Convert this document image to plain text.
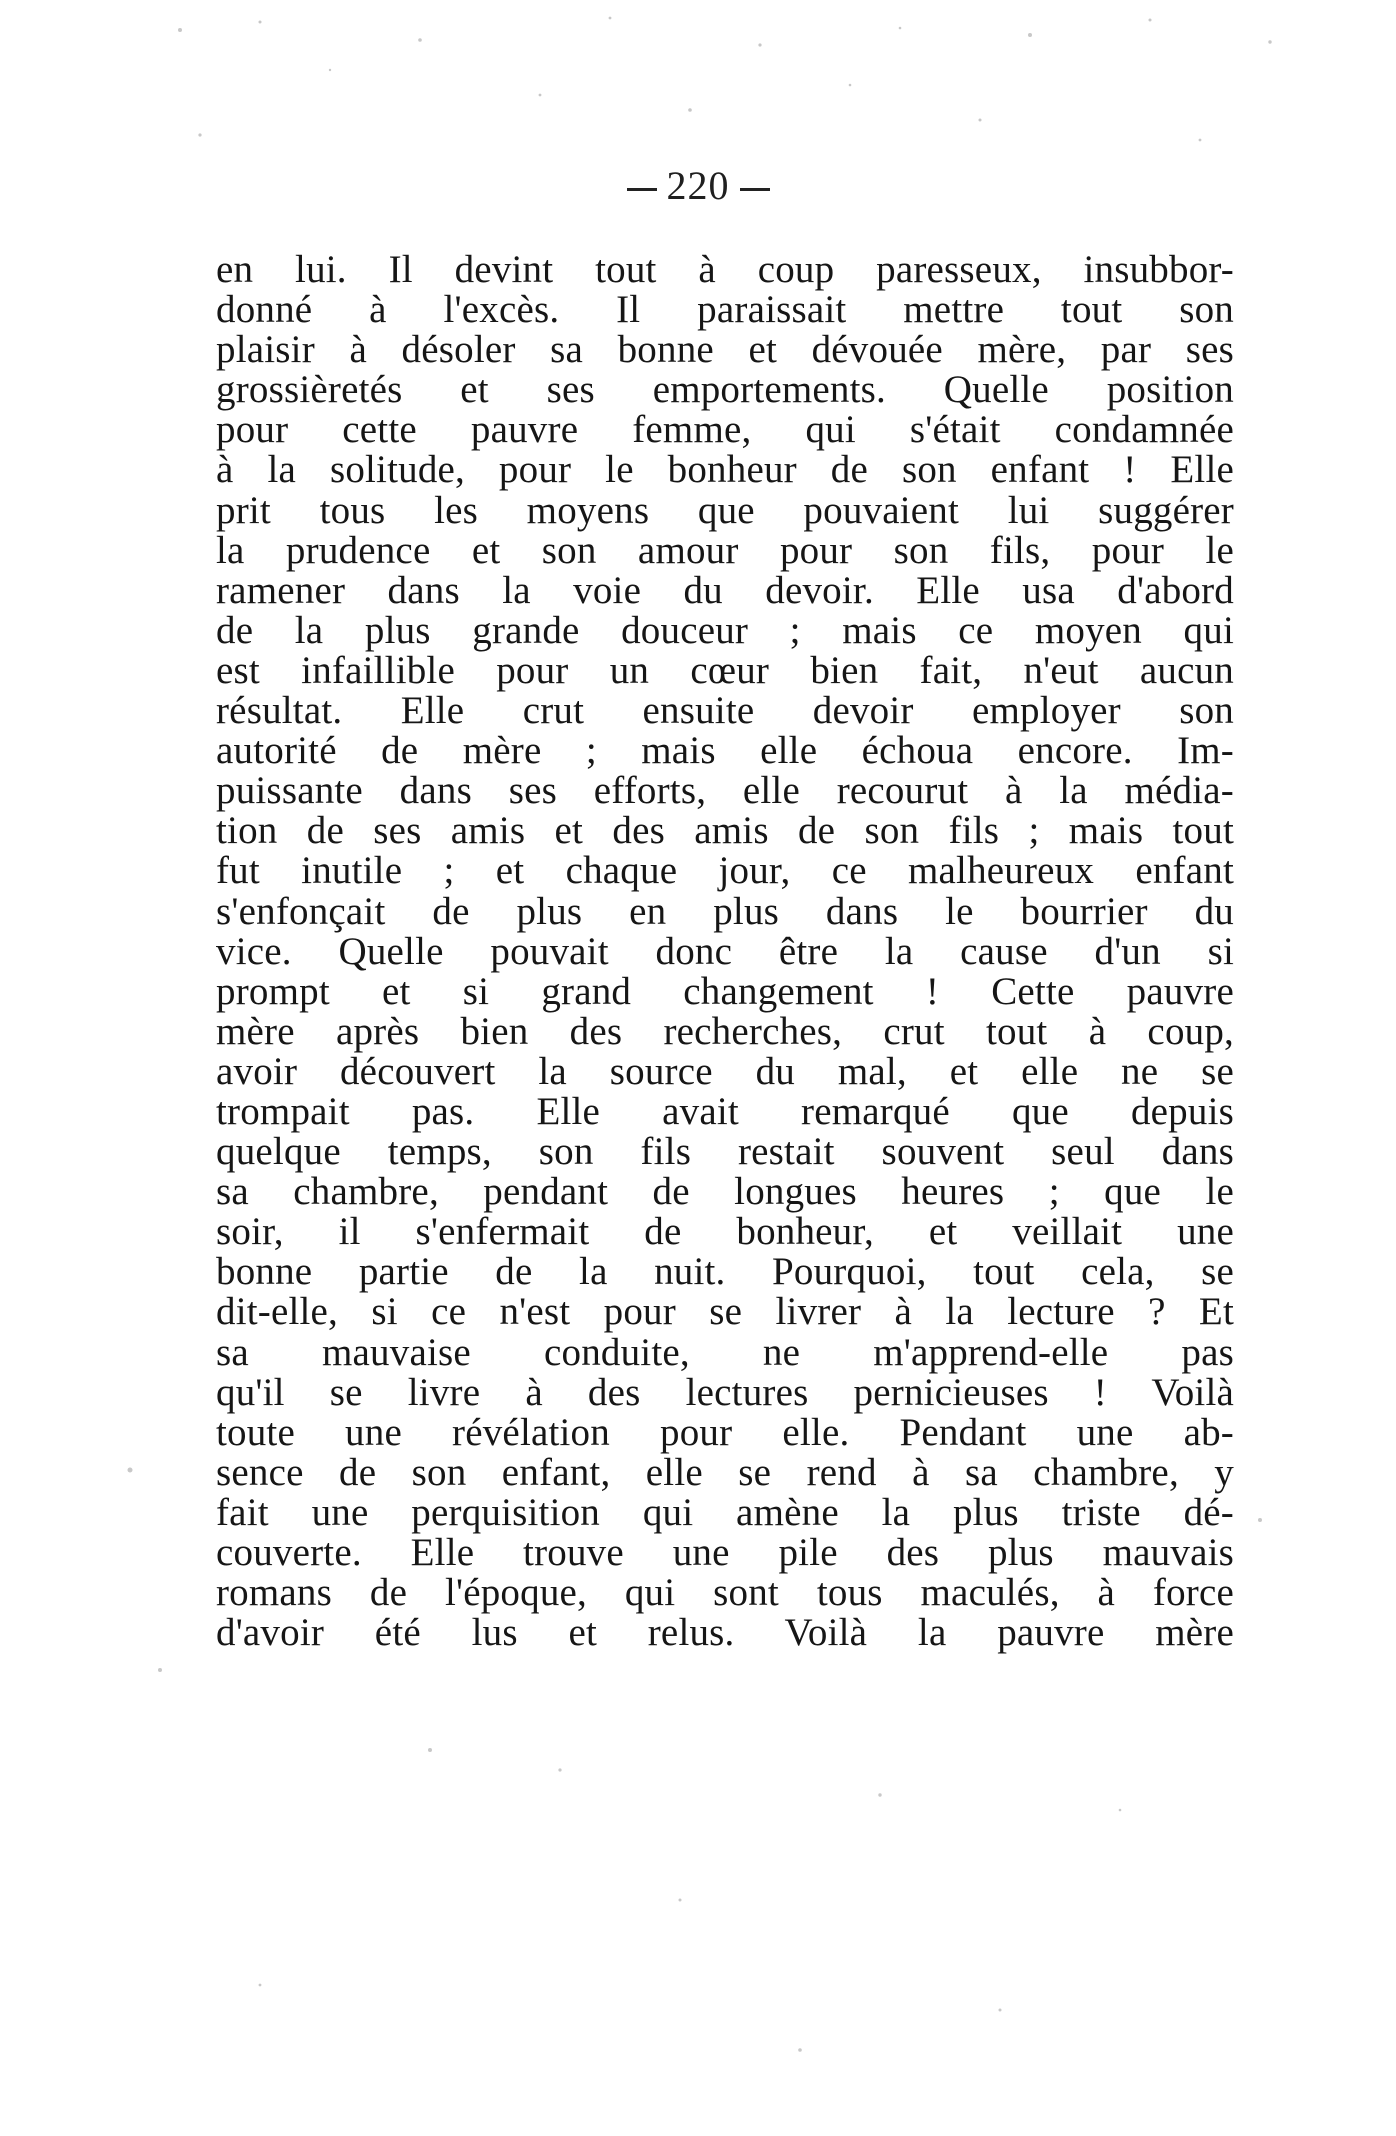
220
en lui. Il devint tout à coup paresseux, insubbor-
donné à l'excès. Il paraissait mettre tout son
plaisir à désoler sa bonne et dévouée mère, par ses
grossièretés et ses emportements. Quelle position
pour cette pauvre femme, qui s'était condamnée
à la solitude, pour le bonheur de son enfant ! Elle
prit tous les moyens que pouvaient lui suggérer
la prudence et son amour pour son fils, pour le
ramener dans la voie du devoir. Elle usa d'abord
de la plus grande douceur ; mais ce moyen qui
est infaillible pour un cœur bien fait, n'eut aucun
résultat. Elle crut ensuite devoir employer son
autorité de mère ; mais elle échoua encore. Im-
puissante dans ses efforts, elle recourut à la média-
tion de ses amis et des amis de son fils ; mais tout
fut inutile ; et chaque jour, ce malheureux enfant
s'enfonçait de plus en plus dans le bourrier du
vice. Quelle pouvait donc être la cause d'un si
prompt et si grand changement ! Cette pauvre
mère après bien des recherches, crut tout à coup,
avoir découvert la source du mal, et elle ne se
trompait pas. Elle avait remarqué que depuis
quelque temps, son fils restait souvent seul dans
sa chambre, pendant de longues heures ; que le
soir, il s'enfermait de bonheur, et veillait une
bonne partie de la nuit. Pourquoi, tout cela, se
dit-elle, si ce n'est pour se livrer à la lecture ? Et
sa mauvaise conduite, ne m'apprend-elle pas
qu'il se livre à des lectures pernicieuses ! Voilà
toute une révélation pour elle. Pendant une ab-
sence de son enfant, elle se rend à sa chambre, y
fait une perquisition qui amène la plus triste dé-
couverte. Elle trouve une pile des plus mauvais
romans de l'époque, qui sont tous maculés, à force
d'avoir été lus et relus. Voilà la pauvre mère
